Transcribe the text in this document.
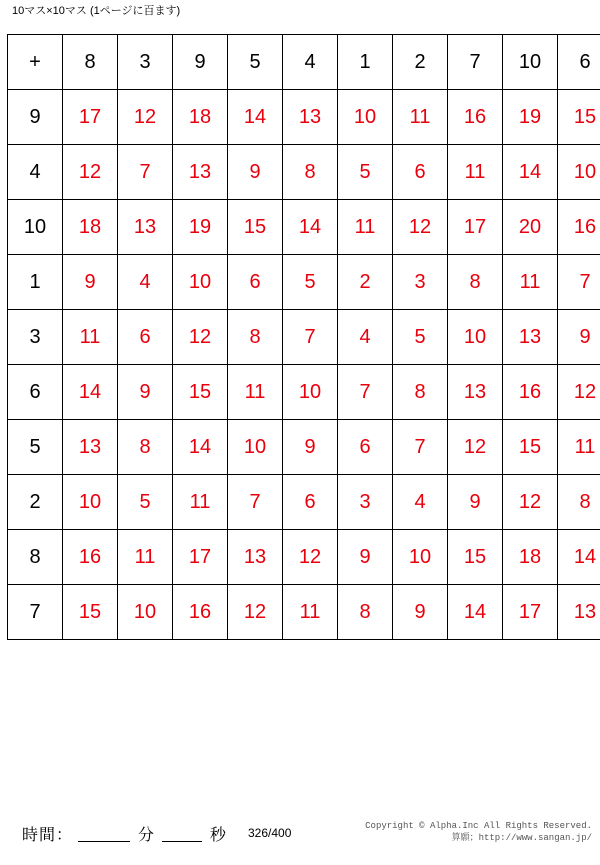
10マス×10マス (1ページに百ます)
+	8	3	9	5	4	1	2	7	10	6
9	17	12	18	14	13	10	11	16	19	15
4	12	7	13	9	8	5	6	11	14	10
10	18	13	19	15	14	11	12	17	20	16
1	9	4	10	6	5	2	3	8	11	7
3	11	6	12	8	7	4	5	10	13	9
6	14	9	15	11	10	7	8	13	16	12
5	13	8	14	10	9	6	7	12	15	11
2	10	5	11	7	6	3	4	9	12	8
8	16	11	17	13	12	9	10	15	18	14
7	15	10	16	12	11	8	9	14	17	13
時間：	分	秒 326/400	Copyright © Alpha.Inc All Rights Reserved.
算願；http://www.sangan.jp/
